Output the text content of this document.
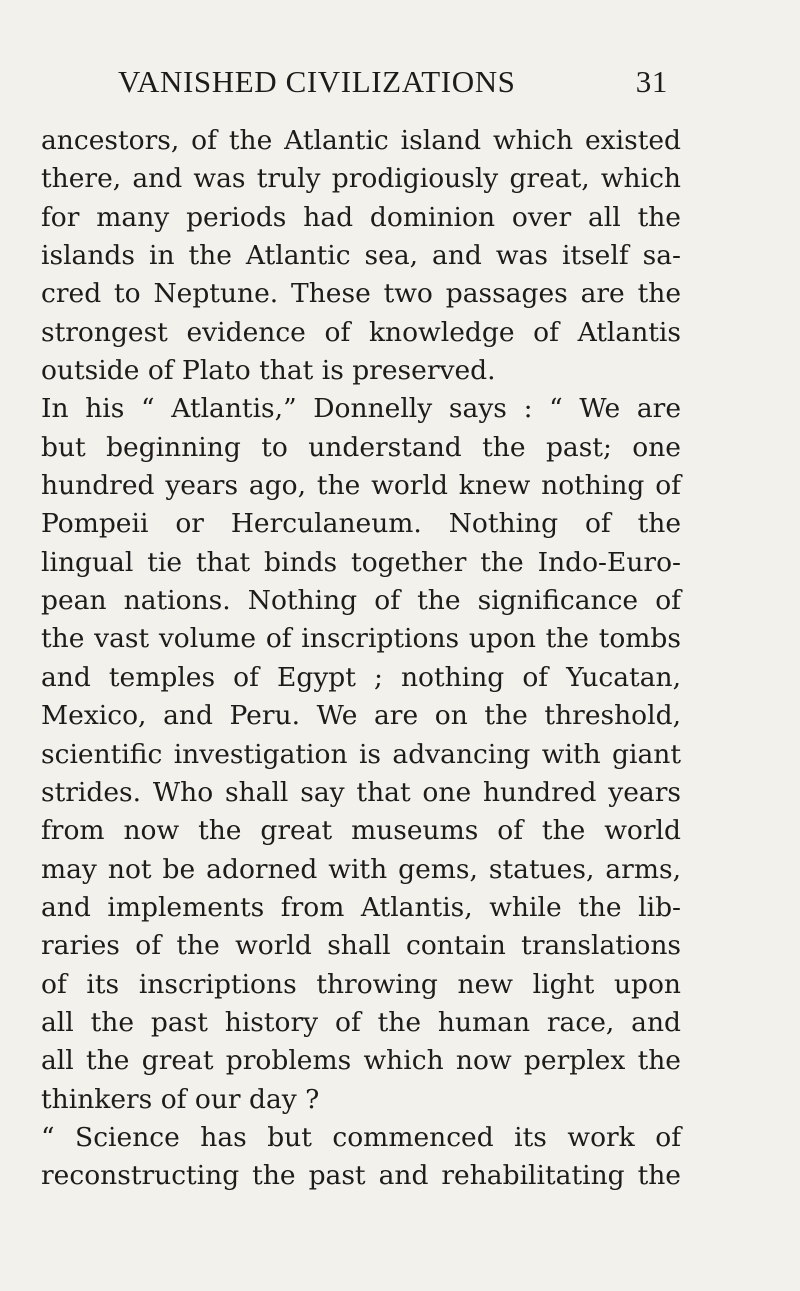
VANISHED CIVILIZATIONS	31
ancestors, of the Atlantic island which existed
there, and was truly prodigiously great, which
for many periods had dominion over all the
islands in the Atlantic sea, and was itself sa-
cred to Neptune. These two passages are the
strongest evidence of knowledge of Atlantis
outside of Plato that is preserved.
In his “ Atlantis,” Donnelly says : “ We are
but beginning to understand the past; one
hundred years ago, the world knew nothing of
Pompeii or Herculaneum. Nothing of the
lingual tie that binds together the Indo-Euro-
pean nations. Nothing of the significance of
the vast volume of inscriptions upon the tombs
and temples of Egypt ; nothing of Yucatan,
Mexico, and Peru. We are on the threshold,
scientific investigation is advancing with giant
strides. Who shall say that one hundred years
from now the great museums of the world
may not be adorned with gems, statues, arms,
and implements from Atlantis, while the lib-
raries of the world shall contain translations
of its inscriptions throwing new light upon
all the past history of the human race, and
all the great problems which now perplex the
thinkers of our day ?
“ Science has but commenced its work of
reconstructing the past and rehabilitating the
